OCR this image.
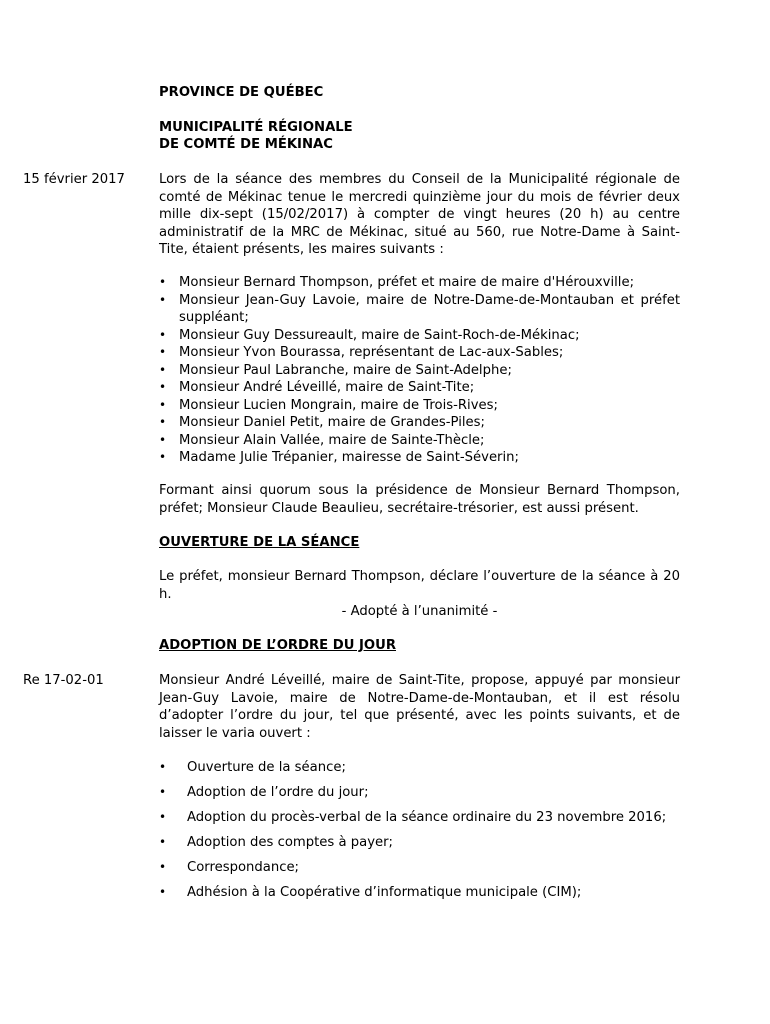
PROVINCE DE QUÉBEC

MUNICIPALITÉ RÉGIONALE

DE COMTÉ DE MÉKINAC

15 février 2017	Lors de la séance des membres du Conseil de la Municipalité régionale de comté de Mékinac tenue le mercredi quinzième jour du mois de février deux mille dix-sept (15/02/2017) à compter de vingt heures (20 h) au centre administratif de la MRC de Mékinac, situé au 560, rue Notre-Dame à Saint-Tite, étaient présents, les maires suivants :

• Monsieur Bernard Thompson, préfet et maire de maire d'Hérouxville;
• Monsieur Jean-Guy Lavoie, maire de Notre-Dame-de-Montauban et préfet suppléant;
• Monsieur Guy Dessureault, maire de Saint-Roch-de-Mékinac;
• Monsieur Yvon Bourassa, représentant de Lac-aux-Sables;
• Monsieur Paul Labranche, maire de Saint-Adelphe;
• Monsieur André Léveillé, maire de Saint-Tite;
• Monsieur Lucien Mongrain, maire de Trois-Rives;
• Monsieur Daniel Petit, maire de Grandes-Piles;
• Monsieur Alain Vallée, maire de Sainte-Thècle;
• Madame Julie Trépanier, mairesse de Saint-Séverin;

Formant ainsi quorum sous la présidence de Monsieur Bernard Thompson, préfet; Monsieur Claude Beaulieu, secrétaire-trésorier, est aussi présent.

OUVERTURE DE LA SÉANCE

Le préfet, monsieur Bernard Thompson, déclare l’ouverture de la séance à 20 h.

- Adopté à l’unanimité -

ADOPTION DE L’ORDRE DU JOUR

Re 17-02-01	Monsieur André Léveillé, maire de Saint-Tite, propose, appuyé par monsieur Jean-Guy Lavoie, maire de Notre-Dame-de-Montauban, et il est résolu d’adopter l’ordre du jour, tel que présenté, avec les points suivants, et de laisser le varia ouvert :

•	Ouverture de la séance;
•	Adoption de l’ordre du jour;
•	Adoption du procès-verbal de la séance ordinaire du 23 novembre 2016;
•	Adoption des comptes à payer;
•	Correspondance;
•	Adhésion à la Coopérative d’informatique municipale (CIM);
